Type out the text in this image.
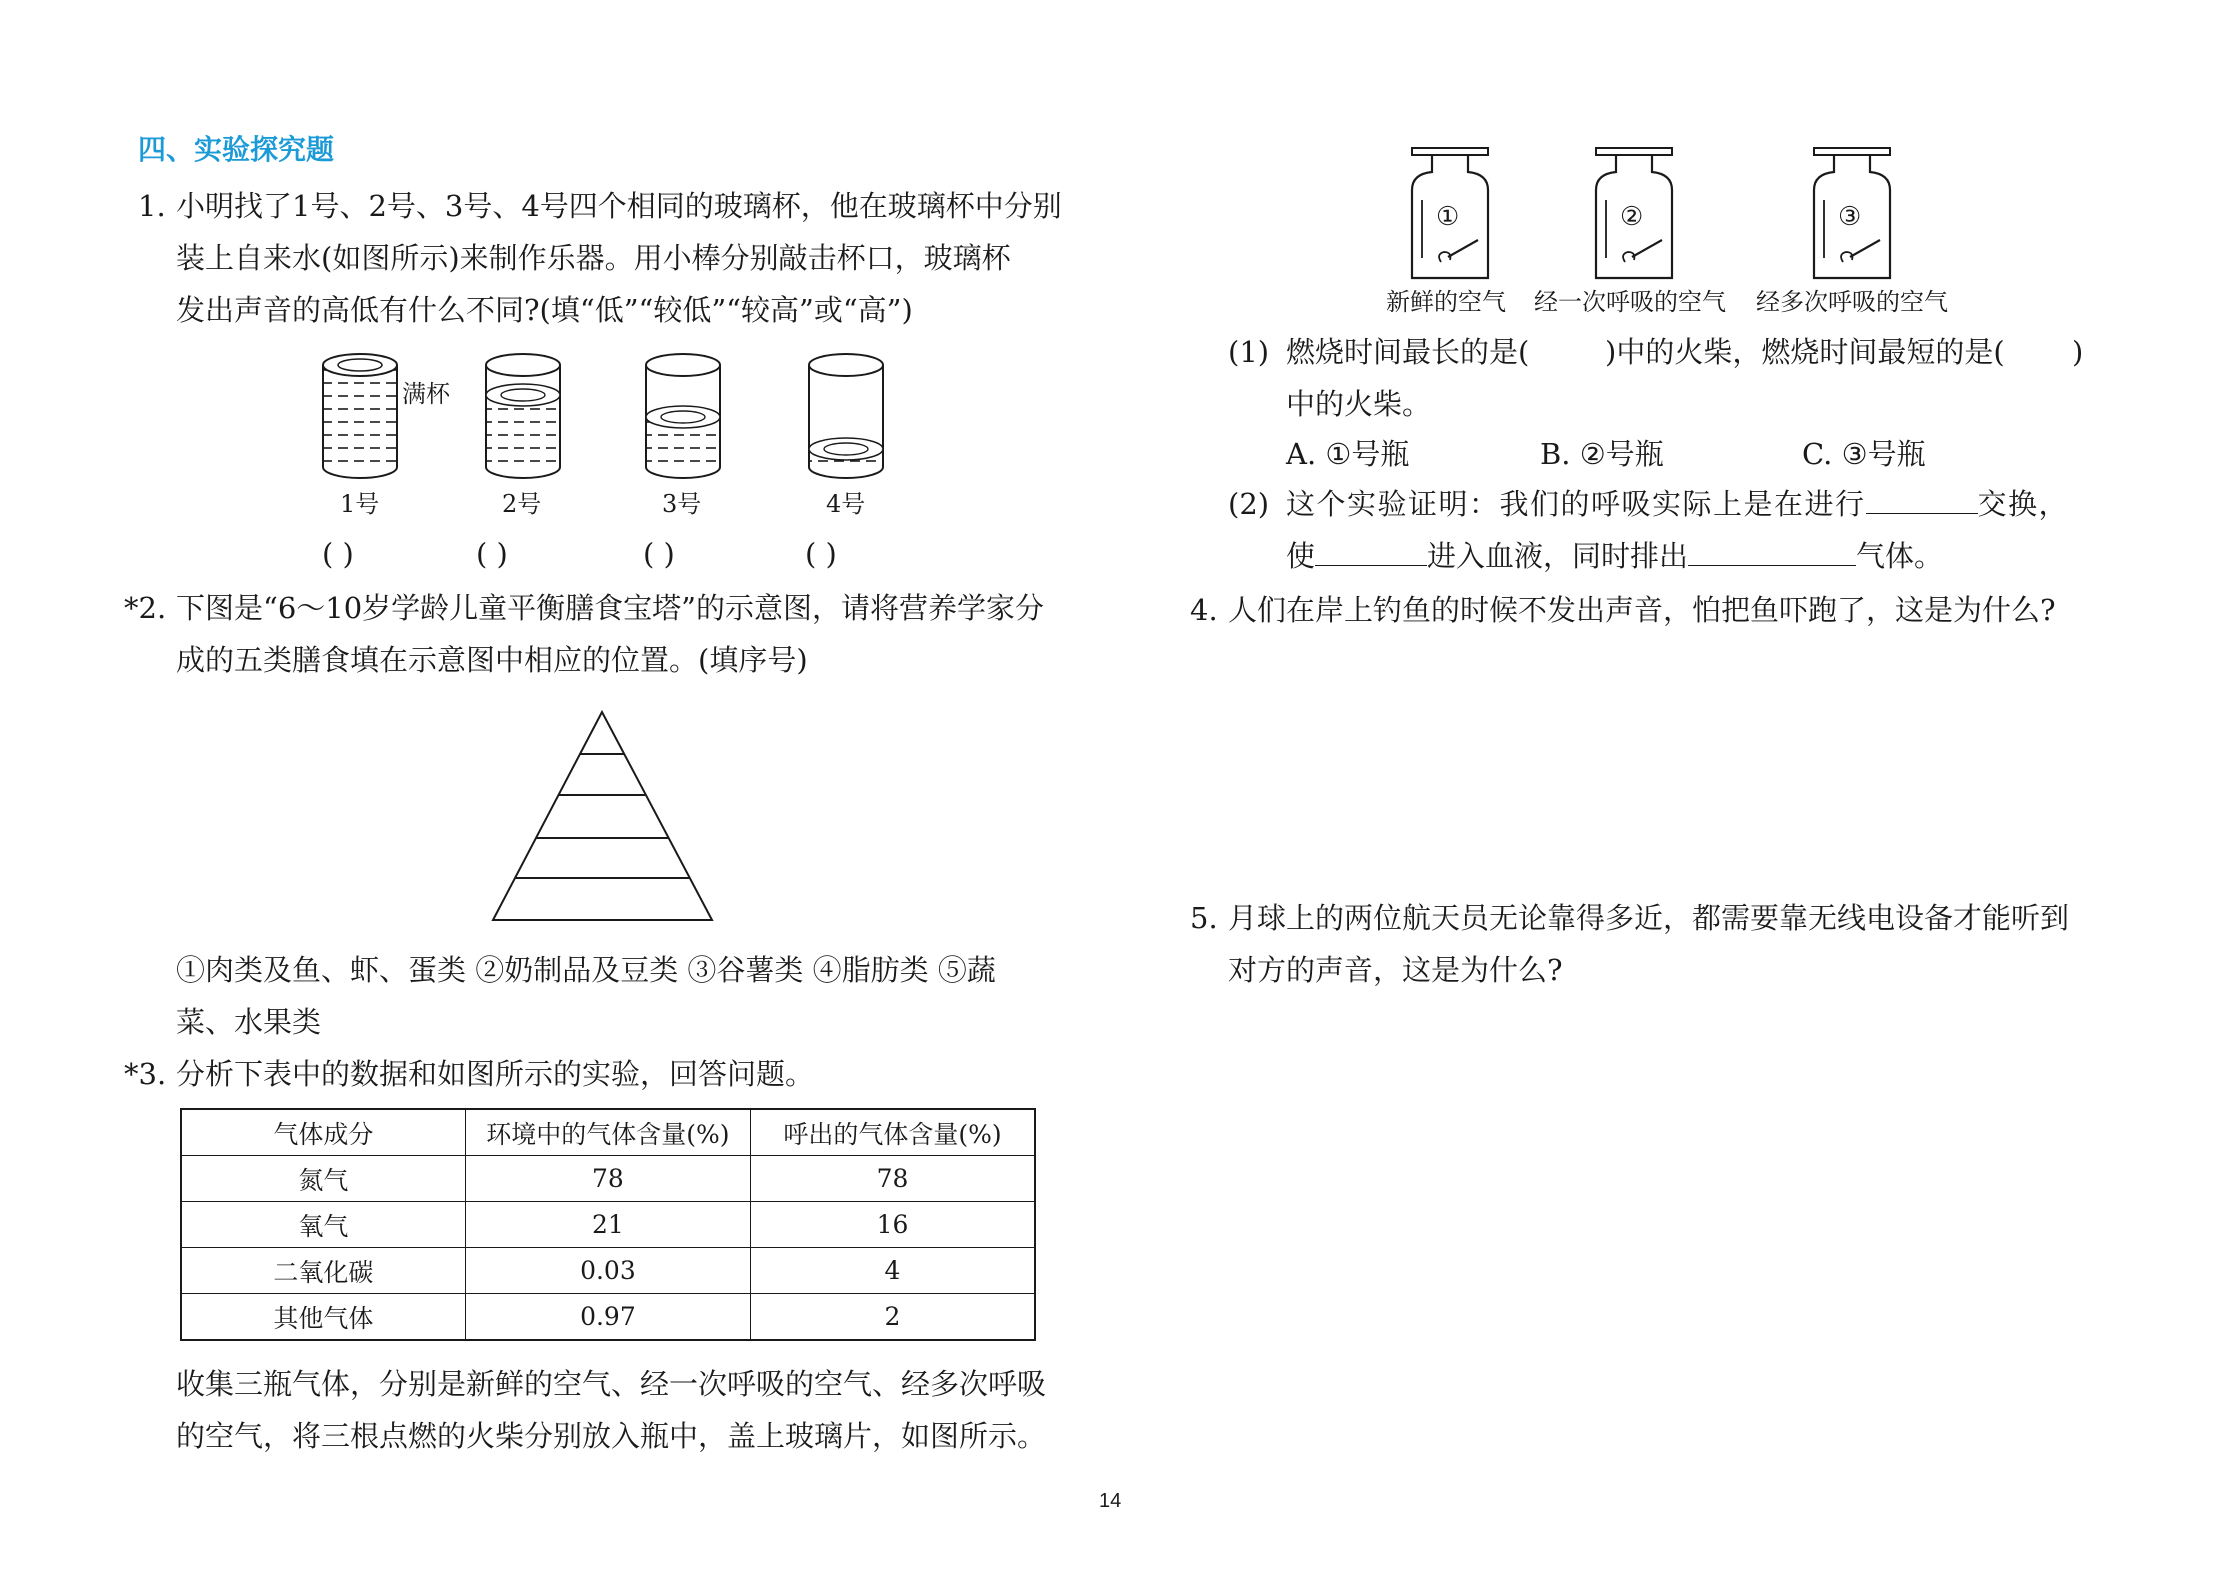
四、实验探究题
1. 小明找了1号、2号、3号、4号四个相同的玻璃杯，他在玻璃杯中分别
装上自来水(如图所示)来制作乐器。用小棒分别敲击杯口，玻璃杯
发出声音的高低有什么不同?(填“低”“较低”“较高”或“高”)
满杯
1号	2号	3号	4号
( )	( )	( )	( )
*2. 下图是“6～10岁学龄儿童平衡膳食宝塔”的示意图，请将营养学家分
成的五类膳食填在示意图中相应的位置。(填序号)
①肉类及鱼、虾、蛋类 ②奶制品及豆类 ③谷薯类 ④脂肪类 ⑤蔬
菜、水果类
*3. 分析下表中的数据和如图所示的实验，回答问题。
气体成分	环境中的气体含量(%)	呼出的气体含量(%)
氮气	78	78
氧气	21	16
二氧化碳	0.03	4
其他气体	0.97	2
收集三瓶气体，分别是新鲜的空气、经一次呼吸的空气、经多次呼吸
的空气，将三根点燃的火柴分别放入瓶中，盖上玻璃片，如图所示。
①	②	③
新鲜的空气 经一次呼吸的空气 经多次呼吸的空气
(1) 燃烧时间最长的是(	)中的火柴，燃烧时间最短的是( )
中的火柴。
A. ①号瓶	B. ②号瓶	C. ③号瓶
(2) 这个实验证明：我们的呼吸实际上是在进行	交换，
使	进入血液，同时排出	气体。
4. 人们在岸上钓鱼的时候不发出声音，怕把鱼吓跑了，这是为什么?
5. 月球上的两位航天员无论靠得多近，都需要靠无线电设备才能听到
对方的声音，这是为什么?
14
